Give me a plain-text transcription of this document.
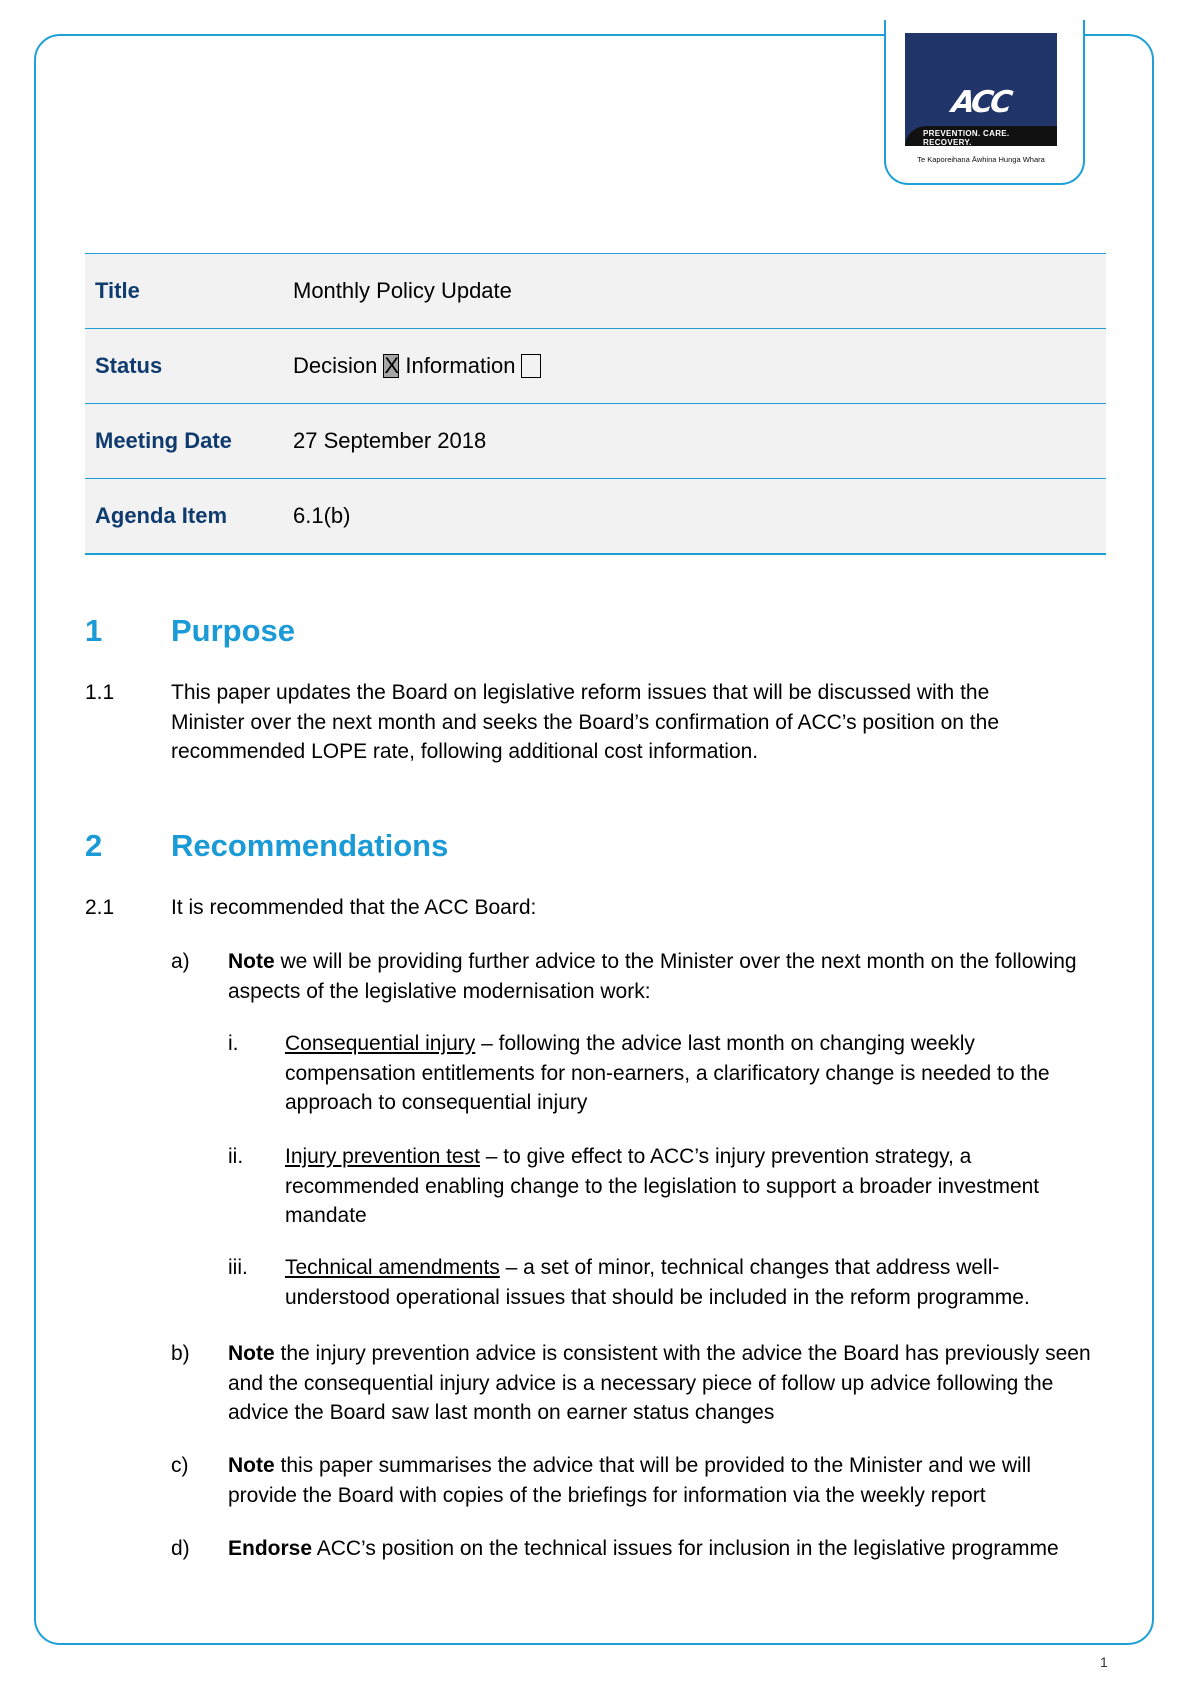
ACC
PREVENTION. CARE. RECOVERY.
Te Kaporeihana Āwhina Hunga Whara
Title	Monthly Policy Update
Status	Decision X Information
Meeting Date	27 September 2018
Agenda Item	6.1(b)
1 Purpose
1.1	This paper updates the Board on legislative reform issues that will be discussed with the Minister over the next month and seeks the Board’s confirmation of ACC’s position on the recommended LOPE rate, following additional cost information.
2 Recommendations
2.1	It is recommended that the ACC Board:
a) Note we will be providing further advice to the Minister over the next month on the following aspects of the legislative modernisation work:
i. Consequential injury – following the advice last month on changing weekly compensation entitlements for non-earners, a clarificatory change is needed to the approach to consequential injury
ii. Injury prevention test – to give effect to ACC’s injury prevention strategy, a recommended enabling change to the legislation to support a broader investment mandate
iii. Technical amendments – a set of minor, technical changes that address well-understood operational issues that should be included in the reform programme.
b) Note the injury prevention advice is consistent with the advice the Board has previously seen and the consequential injury advice is a necessary piece of follow up advice following the advice the Board saw last month on earner status changes
c) Note this paper summarises the advice that will be provided to the Minister and we will provide the Board with copies of the briefings for information via the weekly report
d) Endorse ACC’s position on the technical issues for inclusion in the legislative programme
1
